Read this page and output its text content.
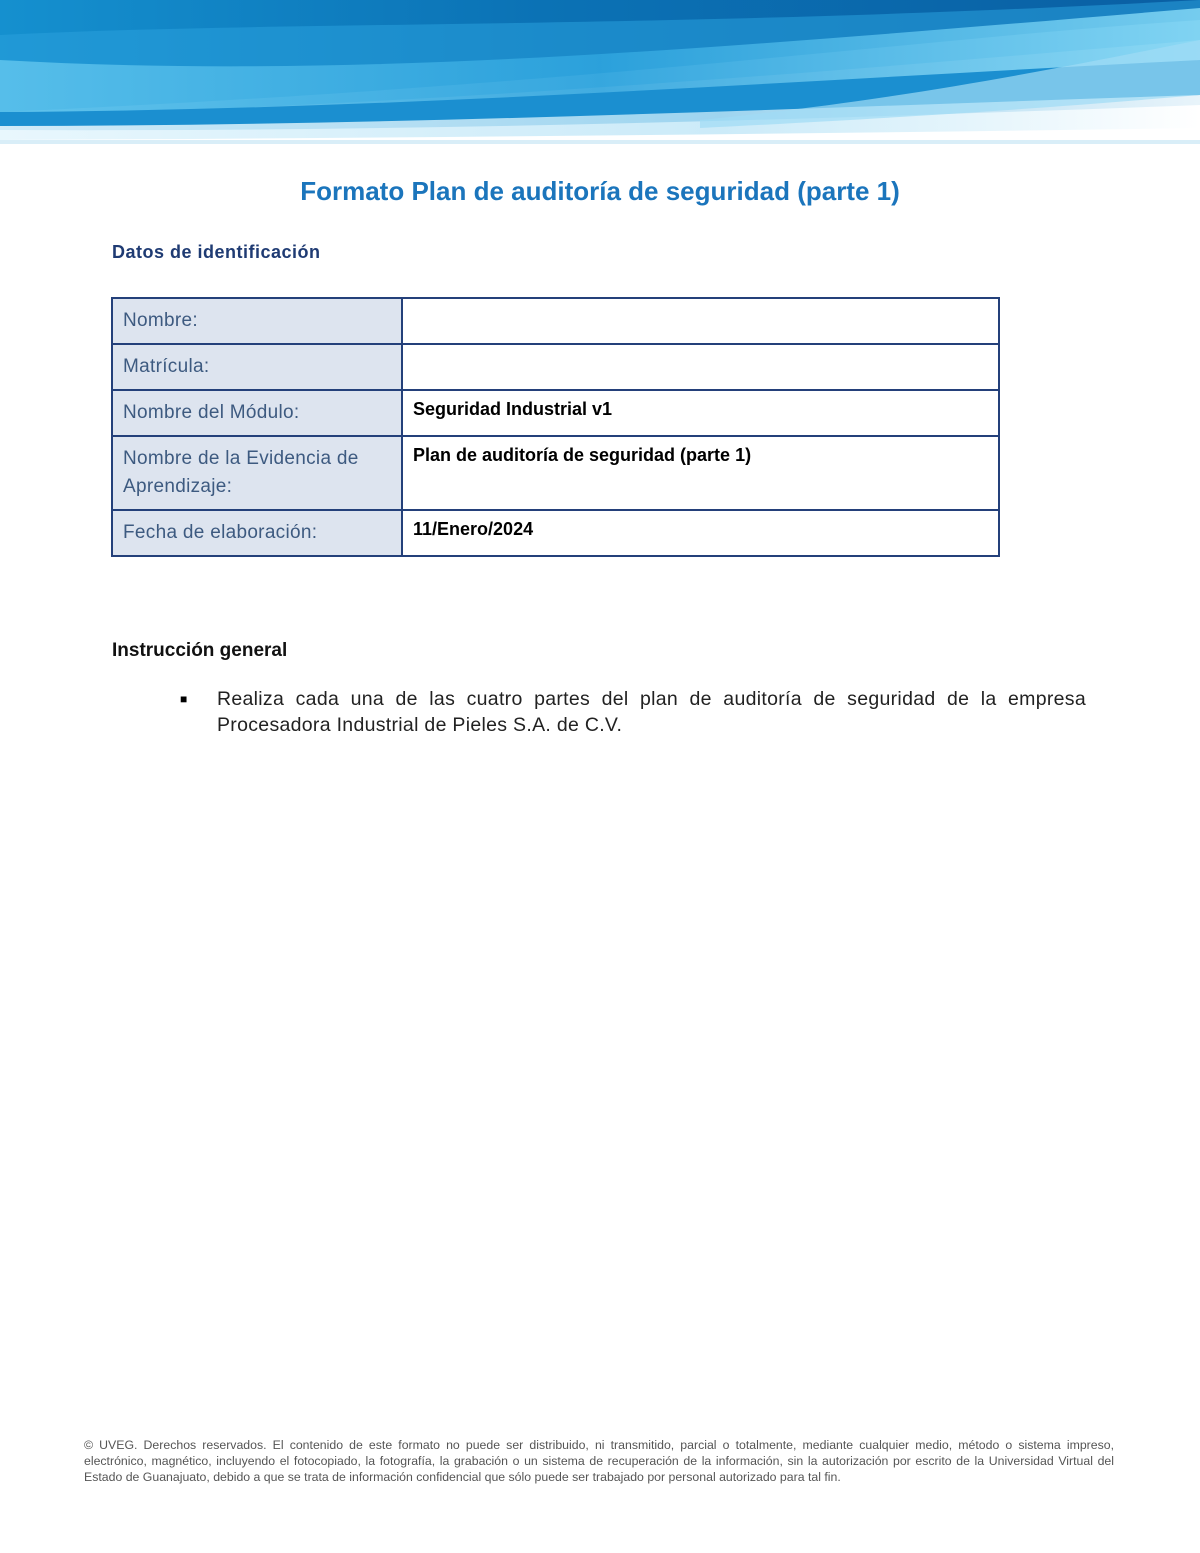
Formato Plan de auditoría de seguridad (parte 1)
Datos de identificación
Nombre:	
Matrícula:	
Nombre del Módulo:	Seguridad Industrial v1
Nombre de la Evidencia de Aprendizaje:	Plan de auditoría de seguridad (parte 1)
Fecha de elaboración:	11/Enero/2024
Instrucción general
■	Realiza cada una de las cuatro partes del plan de auditoría de seguridad de la empresa Procesadora Industrial de Pieles S.A. de C.V.

© UVEG. Derechos reservados. El contenido de este formato no puede ser distribuido, ni transmitido, parcial o totalmente, mediante cualquier medio, método o sistema impreso, electrónico, magnético, incluyendo el fotocopiado, la fotografía, la grabación o un sistema de recuperación de la información, sin la autorización por escrito de la Universidad Virtual del Estado de Guanajuato, debido a que se trata de información confidencial que sólo puede ser trabajado por personal autorizado para tal fin.
